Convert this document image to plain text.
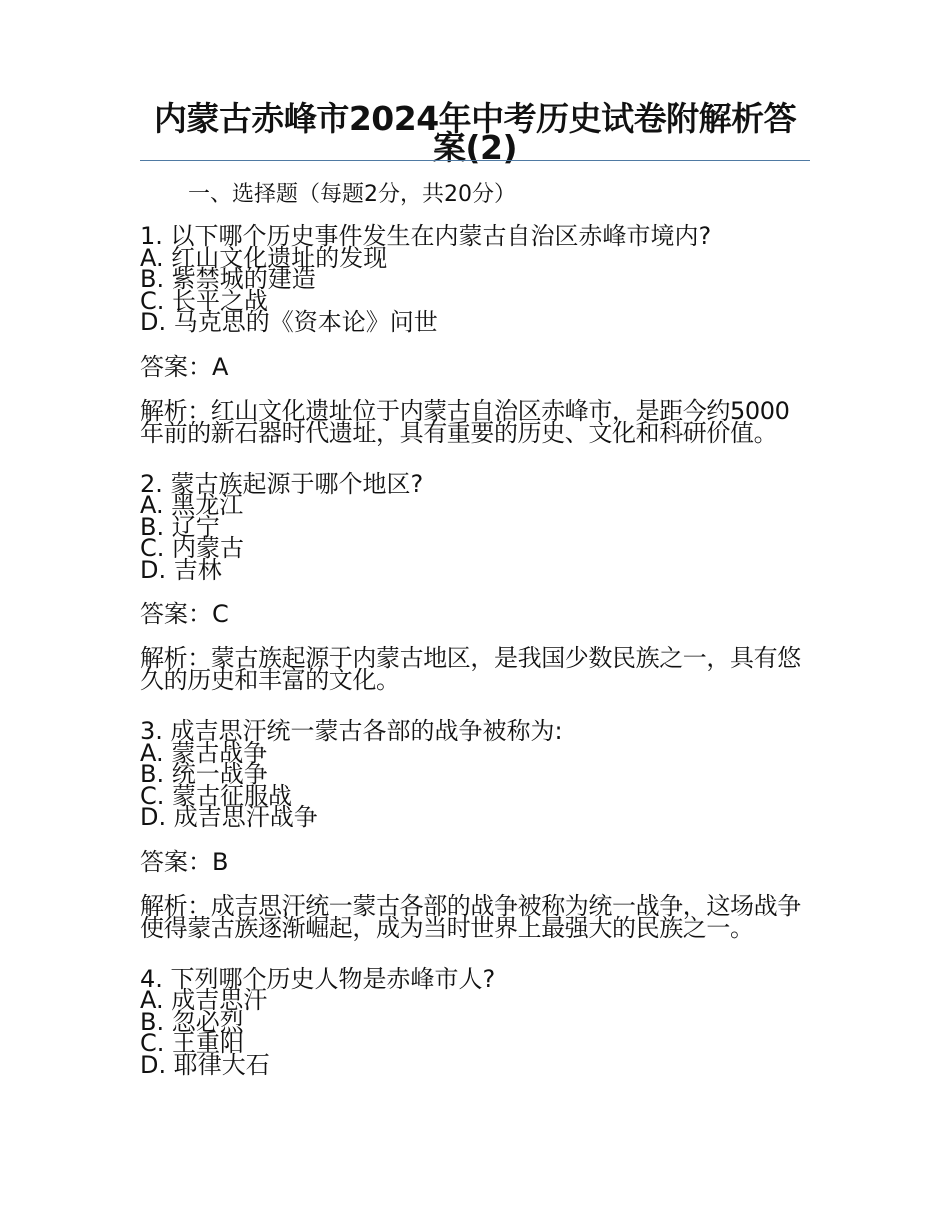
内蒙古赤峰市2024年中考历史试卷附解析答案(2)

一、选择题（每题2分，共20分）

1. 以下哪个历史事件发生在内蒙古自治区赤峰市境内?
A. 红山文化遗址的发现
B. 紫禁城的建造
C. 长平之战
D. 马克思的《资本论》问世

答案：A

解析：红山文化遗址位于内蒙古自治区赤峰市，是距今约5000年前的新石器时代遗址，具有重要的历史、文化和科研价值。

2. 蒙古族起源于哪个地区?
A. 黑龙江
B. 辽宁
C. 内蒙古
D. 吉林

答案：C

解析：蒙古族起源于内蒙古地区，是我国少数民族之一，具有悠久的历史和丰富的文化。

3. 成吉思汗统一蒙古各部的战争被称为:
A. 蒙古战争
B. 统一战争
C. 蒙古征服战
D. 成吉思汗战争

答案：B

解析：成吉思汗统一蒙古各部的战争被称为统一战争，这场战争使得蒙古族逐渐崛起，成为当时世界上最强大的民族之一。

4. 下列哪个历史人物是赤峰市人?
A. 成吉思汗
B. 忽必烈
C. 王重阳
D. 耶律大石
